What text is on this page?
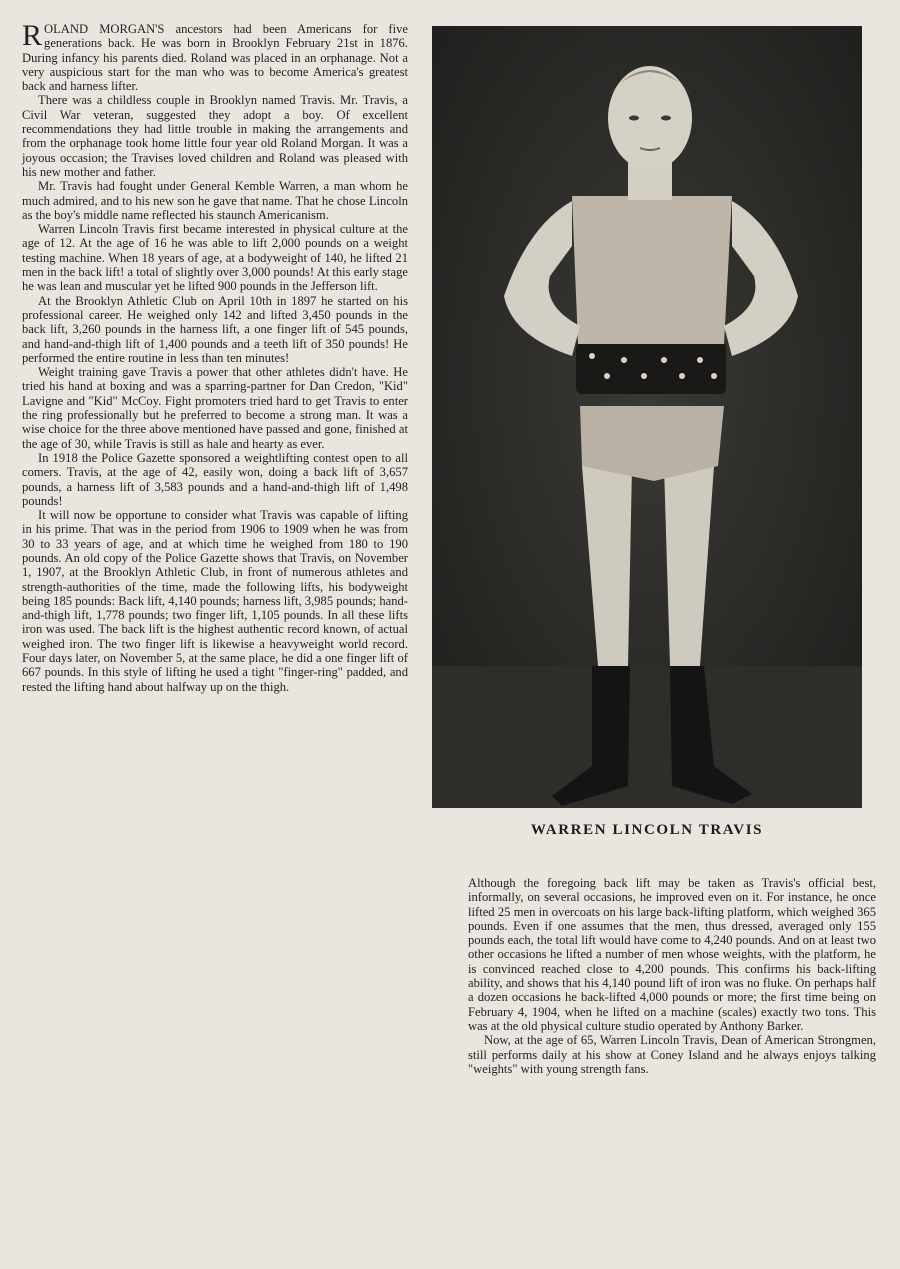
ROLAND MORGAN'S ancestors had been Americans for five generations back. He was born in Brooklyn February 21st in 1876. During infancy his parents died. Roland was placed in an orphanage. Not a very auspicious start for the man who was to become America's greatest back and harness lifter.

There was a childless couple in Brooklyn named Travis. Mr. Travis, a Civil War veteran, suggested they adopt a boy. Of excellent recommendations they had little trouble in making the arrangements and from the orphanage took home little four year old Roland Morgan. It was a joyous occasion; the Travises loved children and Roland was pleased with his new mother and father.

Mr. Travis had fought under General Kemble Warren, a man whom he much admired, and to his new son he gave that name. That he chose Lincoln as the boy's middle name reflected his staunch Americanism.

Warren Lincoln Travis first became interested in physical culture at the age of 12. At the age of 16 he was able to lift 2,000 pounds on a weight testing machine. When 18 years of age, at a bodyweight of 140, he lifted 21 men in the back lift! a total of slightly over 3,000 pounds! At this early stage he was lean and muscular yet he lifted 900 pounds in the Jefferson lift.

At the Brooklyn Athletic Club on April 10th in 1897 he started on his professional career. He weighed only 142 and lifted 3,450 pounds in the back lift, 3,260 pounds in the harness lift, a one finger lift of 545 pounds, and hand-and-thigh lift of 1,400 pounds and a teeth lift of 350 pounds! He performed the entire routine in less than ten minutes!

Weight training gave Travis a power that other athletes didn't have. He tried his hand at boxing and was a sparring-partner for Dan Credon, "Kid" Lavigne and "Kid" McCoy. Fight promoters tried hard to get Travis to enter the ring professionally but he preferred to become a strong man. It was a wise choice for the three above mentioned have passed and gone, finished at the age of 30, while Travis is still as hale and hearty as ever.

In 1918 the Police Gazette sponsored a weightlifting contest open to all comers. Travis, at the age of 42, easily won, doing a back lift of 3,657 pounds, a harness lift of 3,583 pounds and a hand-and-thigh lift of 1,498 pounds!

It will now be opportune to consider what Travis was capable of lifting in his prime. That was in the period from 1906 to 1909 when he was from 30 to 33 years of age, and at which time he weighed from 180 to 190 pounds. An old copy of the Police Gazette shows that Travis, on November 1, 1907, at the Brooklyn Athletic Club, in front of numerous athletes and strength-authorities of the time, made the following lifts, his bodyweight being 185 pounds: Back lift, 4,140 pounds; harness lift, 3,985 pounds; hand-and-thigh lift, 1,778 pounds; two finger lift, 1,105 pounds. In all these lifts iron was used. The back lift is the highest authentic record known, of actual weighed iron. The two finger lift is likewise a heavyweight world record. Four days later, on November 5, at the same place, he did a one finger lift of 667 pounds. In this style of lifting he used a tight "finger-ring" padded, and rested the lifting hand about halfway up on the thigh.

WARREN LINCOLN TRAVIS

Although the foregoing back lift may be taken as Travis's official best, informally, on several occasions, he improved even on it. For instance, he once lifted 25 men in overcoats on his large back-lifting platform, which weighed 365 pounds. Even if one assumes that the men, thus dressed, averaged only 155 pounds each, the total lift would have come to 4,240 pounds. And on at least two other occasions he lifted a number of men whose weights, with the platform, he is convinced reached close to 4,200 pounds. This confirms his back-lifting ability, and shows that his 4,140 pound lift of iron was no fluke. On perhaps half a dozen occasions he back-lifted 4,000 pounds or more; the first time being on February 4, 1904, when he lifted on a machine (scales) exactly two tons. This was at the old physical culture studio operated by Anthony Barker.

Now, at the age of 65, Warren Lincoln Travis, Dean of American Strongmen, still performs daily at his show at Coney Island and he always enjoys talking "weights" with young strength fans.
